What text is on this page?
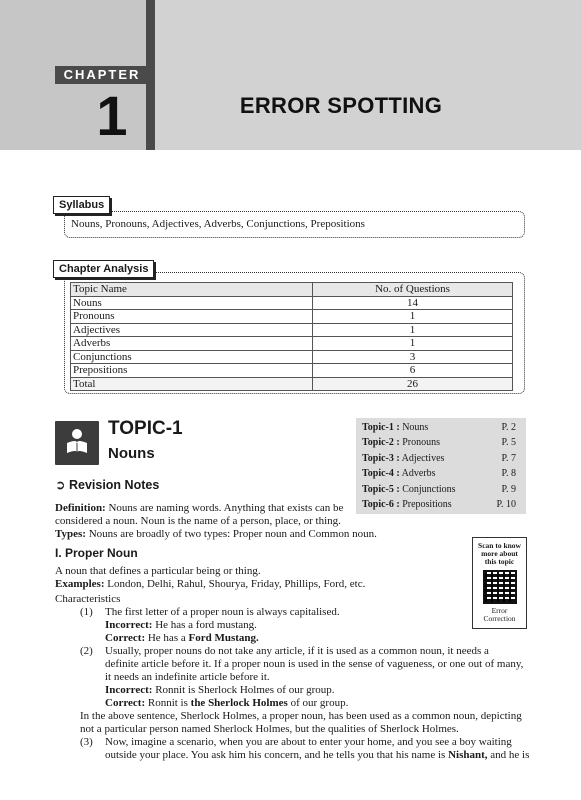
CHAPTER
1	ERROR SPOTTING
Nouns, Pronouns, Adjectives, Adverbs, Conjunctions, Prepositions
Syllabus
Chapter Analysis
Topic Name	No. of Questions
Nouns	14
Pronouns	1
Adjectives	1
Adverbs	1
Conjunctions	3
Prepositions	6
Total	26
TOPIC-1
Nouns
Topic-1 : Nouns	P. 2
Topic-2 : Pronouns	P. 5
Topic-3 : Adjectives	P. 7
Topic-4 : Adverbs	P. 8
Topic-5 : Conjunctions	P. 9
Topic-6 : Prepositions	P. 10
➲ Revision Notes
Definition: Nouns are naming words. Anything that exists can be
considered a noun. Noun is the name of a person, place, or thing.
Types: Nouns are broadly of two types: Proper noun and Common noun.
I. Proper Noun
A noun that defines a particular being or thing.
Examples: London, Delhi, Rahul, Shourya, Friday, Phillips, Ford, etc.
Characteristics
(1) The first letter of a proper noun is always capitalised.
Incorrect: He has a ford mustang.
Correct: He has a Ford Mustang.
(2) Usually, proper nouns do not take any article, if it is used as a common noun, it needs a
definite article before it. If a proper noun is used in the sense of vagueness, or one out of many,
it needs an indefinite article before it.
Incorrect: Ronnit is Sherlock Holmes of our group.
Correct: Ronnit is the Sherlock Holmes of our group.
In the above sentence, Sherlock Holmes, a proper noun, has been used as a common noun, depicting
not a particular person named Sherlock Holmes, but the qualities of Sherlock Holmes.
(3) Now, imagine a scenario, when you are about to enter your home, and you see a boy waiting
outside your place. You ask him his concern, and he tells you that his name is Nishant, and he is
Scan to know
more about
this topic
Error
Correction
